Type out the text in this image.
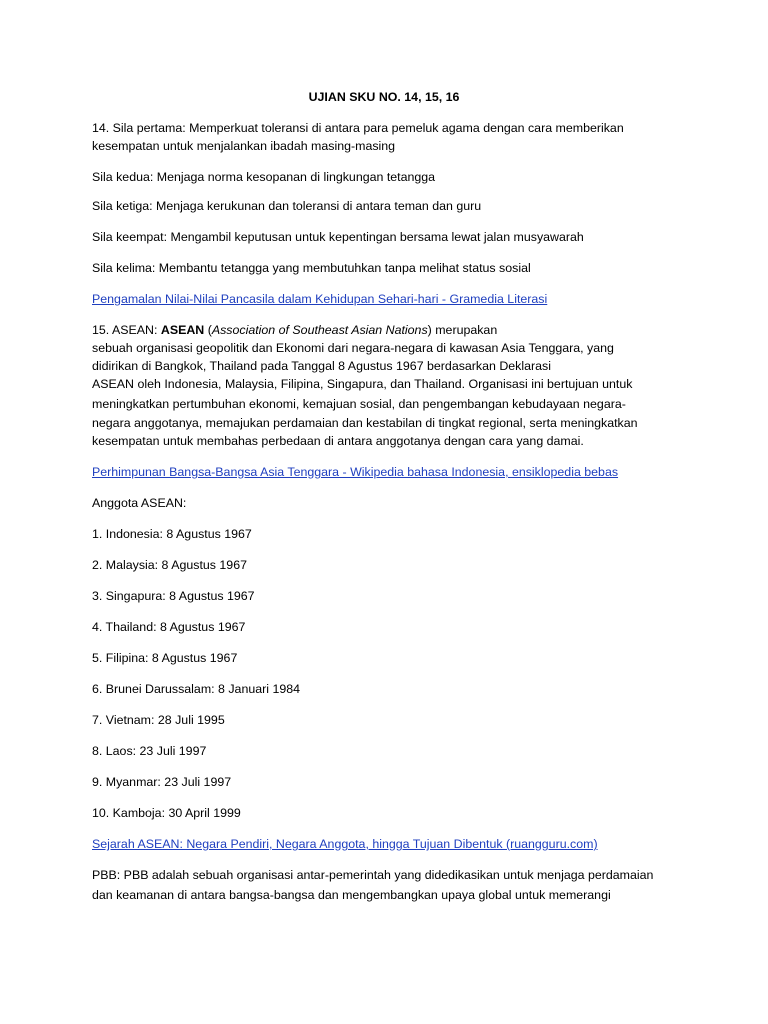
UJIAN SKU NO. 14, 15, 16
14. Sila pertama: Memperkuat toleransi di antara para pemeluk agama dengan cara memberikan
kesempatan untuk menjalankan ibadah masing-masing
Sila kedua: Menjaga norma kesopanan di lingkungan tetangga
Sila ketiga: Menjaga kerukunan dan toleransi di antara teman dan guru
Sila keempat: Mengambil keputusan untuk kepentingan bersama lewat jalan musyawarah
Sila kelima: Membantu tetangga yang membutuhkan tanpa melihat status sosial
Pengamalan Nilai-Nilai Pancasila dalam Kehidupan Sehari-hari - Gramedia Literasi
15. ASEAN: ASEAN (Association of Southeast Asian Nations) merupakan
sebuah organisasi geopolitik dan Ekonomi dari negara-negara di kawasan Asia Tenggara, yang
didirikan di Bangkok, Thailand pada Tanggal 8 Agustus 1967 berdasarkan Deklarasi
ASEAN oleh Indonesia, Malaysia, Filipina, Singapura, dan Thailand. Organisasi ini bertujuan untuk
meningkatkan pertumbuhan ekonomi, kemajuan sosial, dan pengembangan kebudayaan negara-
negara anggotanya, memajukan perdamaian dan kestabilan di tingkat regional, serta meningkatkan
kesempatan untuk membahas perbedaan di antara anggotanya dengan cara yang damai.
Perhimpunan Bangsa-Bangsa Asia Tenggara - Wikipedia bahasa Indonesia, ensiklopedia bebas
Anggota ASEAN:
1. Indonesia: 8 Agustus 1967
2. Malaysia: 8 Agustus 1967
3. Singapura: 8 Agustus 1967
4. Thailand: 8 Agustus 1967
5. Filipina: 8 Agustus 1967
6. Brunei Darussalam: 8 Januari 1984
7. Vietnam: 28 Juli 1995
8. Laos: 23 Juli 1997
9. Myanmar: 23 Juli 1997
10. Kamboja: 30 April 1999
Sejarah ASEAN: Negara Pendiri, Negara Anggota, hingga Tujuan Dibentuk (ruangguru.com)
PBB: PBB adalah sebuah organisasi antar-pemerintah yang didedikasikan untuk menjaga perdamaian
dan keamanan di antara bangsa-bangsa dan mengembangkan upaya global untuk memerangi
